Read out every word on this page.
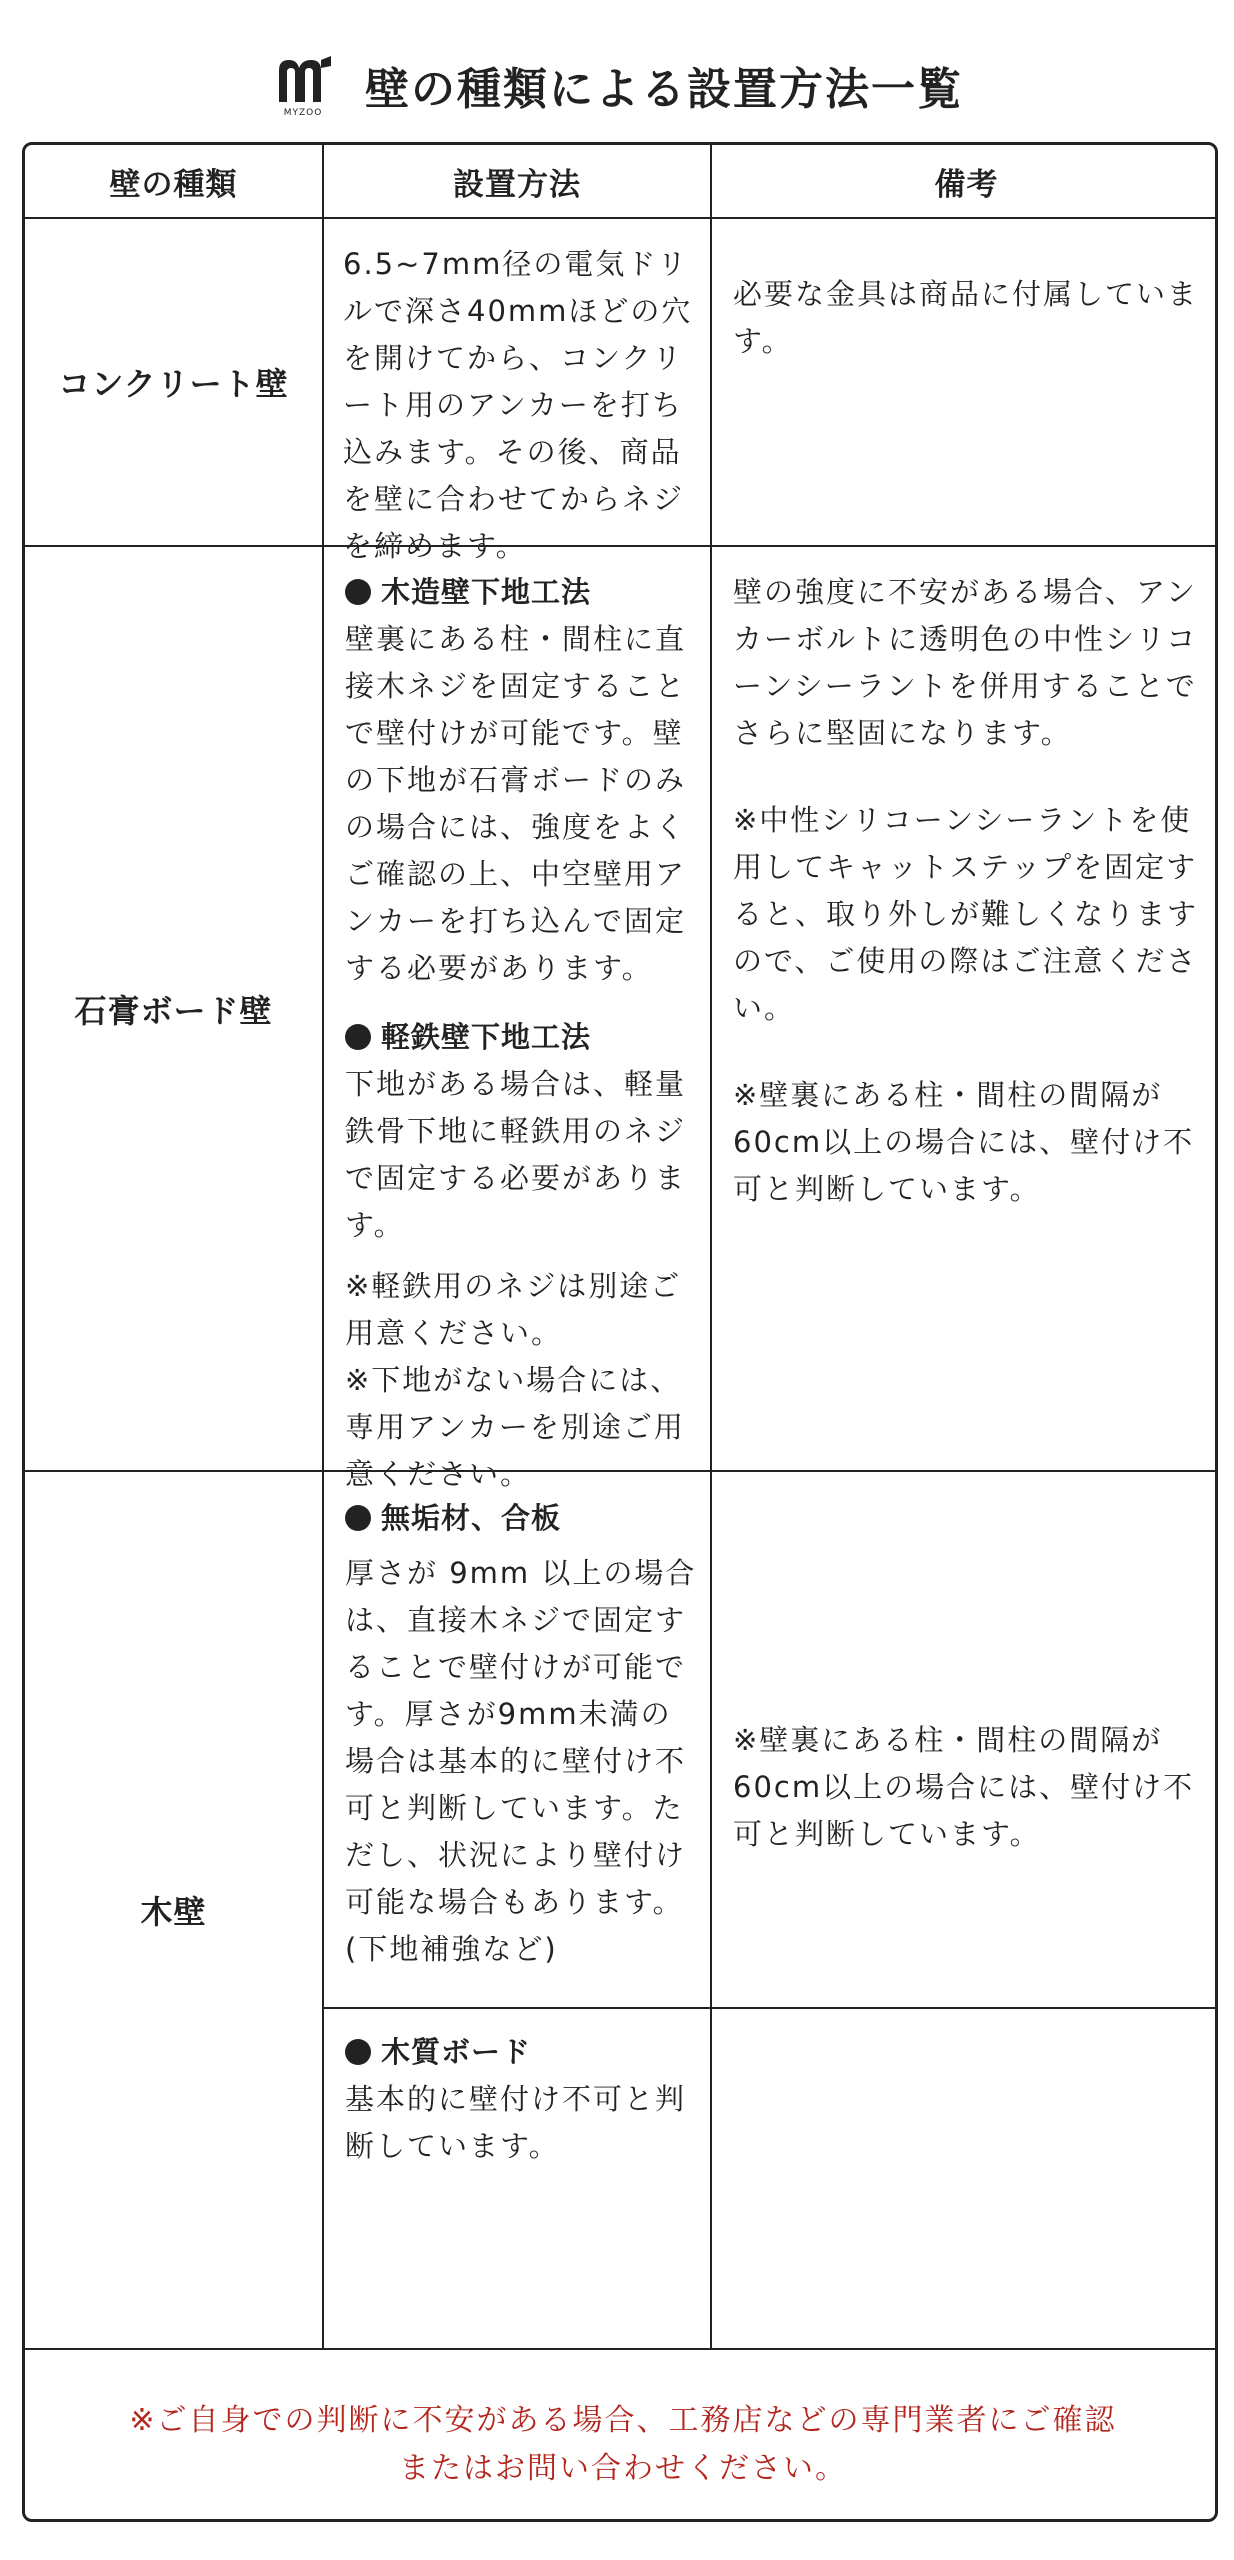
MYZOO 壁の種類による設置方法一覧
壁の種類	設置方法	備考
コンクリート壁
6.5~7mm径の電気ドリルで深さ40mmほどの穴を開けてから、コンクリート用のアンカーを打ち込みます。その後、商品を壁に合わせてからネジを締めます。
必要な金具は商品に付属しています。
石膏ボード壁
木造壁下地工法
壁裏にある柱・間柱に直接木ネジを固定することで壁付けが可能です。壁の下地が石膏ボードのみの場合には、強度をよくご確認の上、中空壁用アンカーを打ち込んで固定する必要があります。
軽鉄壁下地工法
下地がある場合は、軽量鉄骨下地に軽鉄用のネジで固定する必要があります。
※軽鉄用のネジは別途ご用意ください。
※下地がない場合には、専用アンカーを別途ご用意ください。
壁の強度に不安がある場合、アンカーボルトに透明色の中性シリコーンシーラントを併用することでさらに堅固になります。
※中性シリコーンシーラントを使用してキャットステップを固定すると、取り外しが難しくなりますので、ご使用の際はご注意ください。
※壁裏にある柱・間柱の間隔が60cm以上の場合には、壁付け不可と判断しています。
木壁
無垢材、合板
厚さが 9mm 以上の場合は、直接木ネジで固定することで壁付けが可能です。厚さが9mm未満の場合は基本的に壁付け不可と判断しています。ただし、状況により壁付け可能な場合もあります。(下地補強など)
※壁裏にある柱・間柱の間隔が60cm以上の場合には、壁付け不可と判断しています。
木質ボード
基本的に壁付け不可と判断しています。
※ご自身での判断に不安がある場合、工務店などの専門業者にご確認
またはお問い合わせください。
